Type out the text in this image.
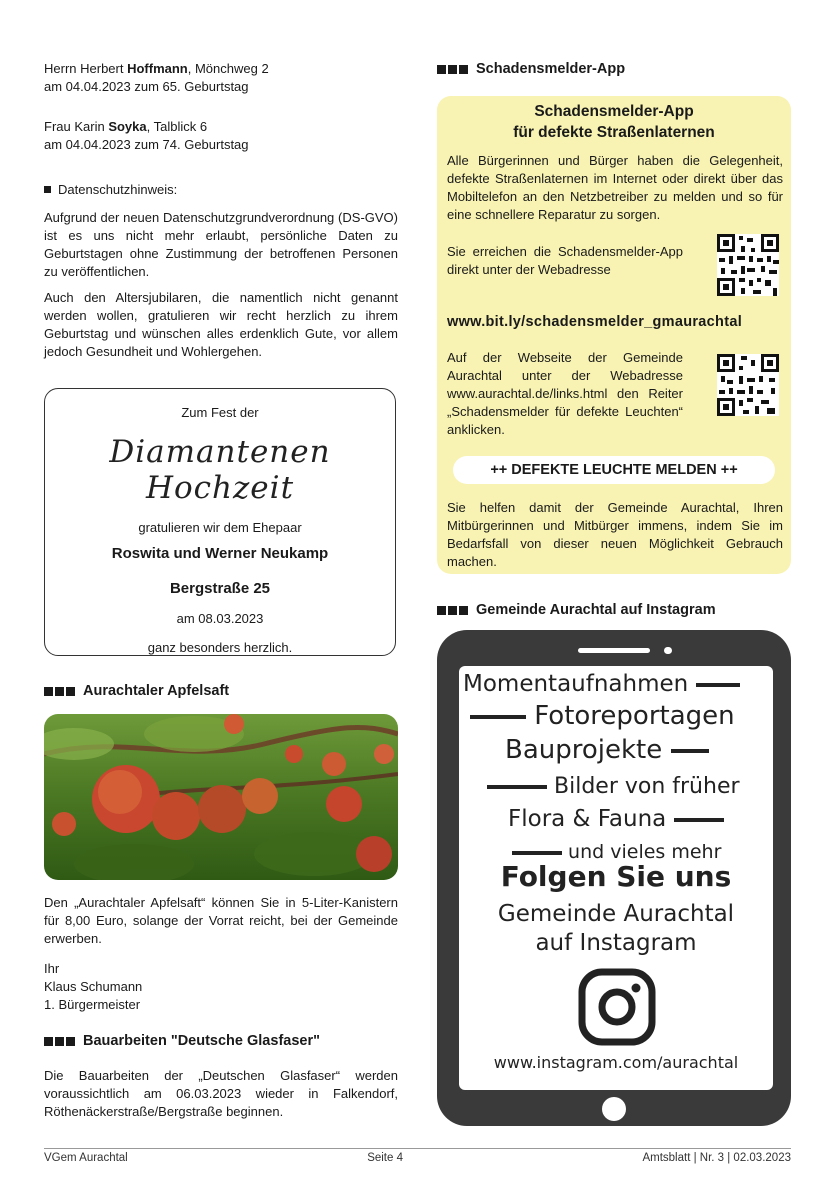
Herrn Herbert Hoffmann, Mönchweg 2
am 04.04.2023 zum 65. Geburtstag
Frau Karin Soyka, Talblick 6
am 04.04.2023 zum 74. Geburtstag
Datenschutzhinweis:

Aufgrund der neuen Datenschutzgrundverordnung (DS-GVO) ist es uns nicht mehr erlaubt, persönliche Daten zu Geburtstagen ohne Zustimmung der betroffenen Personen zu veröffentlichen.

Auch den Altersjubilaren, die namentlich nicht genannt werden wollen, gratulieren wir recht herzlich zu ihrem Geburtstag und wünschen alles erdenklich Gute, vor allem jedoch Gesundheit und Wohlergehen.

Zum Fest der
Diamantenen Hochzeit
gratulieren wir dem Ehepaar
Roswita und Werner Neukamp
Bergstraße 25
am 08.03.2023
ganz besonders herzlich.
Aurachtaler Apfelsaft

Den „Aurachtaler Apfelsaft“ können Sie in 5-Liter-Kanistern für 8,00 Euro, solange der Vorrat reicht, bei der Gemeinde erwerben.

Ihr
Klaus Schumann
1. Bürgermeister
Bauarbeiten "Deutsche Glasfaser"

Die Bauarbeiten der „Deutschen Glasfaser“ werden voraussichtlich am 06.03.2023 wieder in Falkendorf, Röthenäckerstraße/Bergstraße beginnen.

Schadensmelder-App
Schadensmelder-App
für defekte Straßenlaternen

Alle Bürgerinnen und Bürger haben die Gelegenheit, defekte Straßenlaternen im Internet oder direkt über das Mobiltelefon an den Netzbetreiber zu melden und so für eine schnellere Reparatur zu sorgen.

Sie erreichen die Schadensmelder-App direkt unter der Webadresse

www.bit.ly/schadensmelder_gmaurachtal

Auf der Webseite der Gemeinde Aurachtal unter der Webadresse www.aurachtal.de/links.html den Reiter „Schadensmelder für defekte Leuchten“ anklicken.

++ DEFEKTE LEUCHTE MELDEN ++

Sie helfen damit der Gemeinde Aurachtal, Ihren Mitbürgerinnen und Mitbürger immens, indem Sie im Bedarfsfall von dieser neuen Möglichkeit Gebrauch machen.

Gemeinde Aurachtal auf Instagram
Momentaufnahmen
Fotoreportagen
Bauprojekte
Bilder von früher
Flora & Fauna
und vieles mehr
Folgen Sie uns
Gemeinde Aurachtal
auf Instagram
www.instagram.com/aurachtal
VGem Aurachtal	Seite 4	Amtsblatt | Nr. 3 | 02.03.2023
